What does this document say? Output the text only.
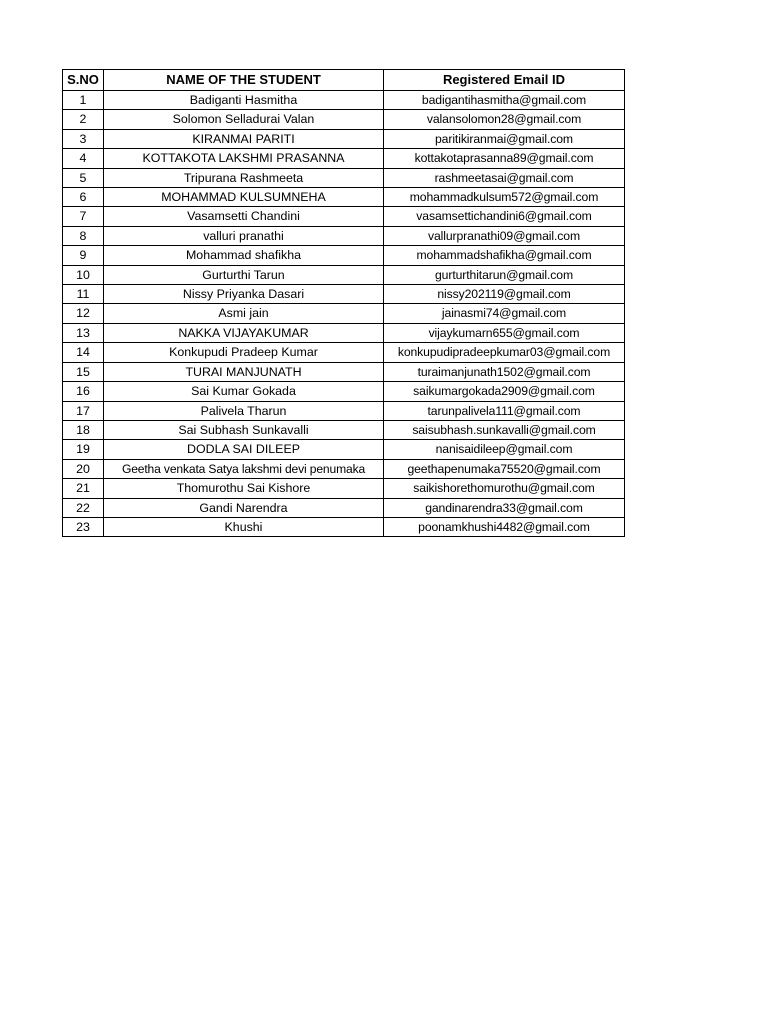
S.NO	NAME OF THE STUDENT	Registered Email ID
1	Badiganti Hasmitha	badigantihasmitha@gmail.com
2	Solomon Selladurai Valan	valansolomon28@gmail.com
3	KIRANMAI PARITI	paritikiranmai@gmail.com
4	KOTTAKOTA LAKSHMI PRASANNA	kottakotaprasanna89@gmail.com
5	Tripurana Rashmeeta	rashmeetasai@gmail.com
6	MOHAMMAD KULSUMNEHA	mohammadkulsum572@gmail.com
7	Vasamsetti Chandini	vasamsettichandini6@gmail.com
8	valluri pranathi	vallurpranathi09@gmail.com
9	Mohammad shafikha	mohammadshafikha@gmail.com
10	Gurturthi Tarun	gurturthitarun@gmail.com
11	Nissy Priyanka Dasari	nissy202119@gmail.com
12	Asmi jain	jainasmi74@gmail.com
13	NAKKA VIJAYAKUMAR	vijaykumarn655@gmail.com
14	Konkupudi Pradeep Kumar	konkupudipradeepkumar03@gmail.com
15	TURAI MANJUNATH	turaimanjunath1502@gmail.com
16	Sai Kumar Gokada	saikumargokada2909@gmail.com
17	Palivela Tharun	tarunpalivela111@gmail.com
18	Sai Subhash Sunkavalli	saisubhash.sunkavalli@gmail.com
19	DODLA SAI DILEEP	nanisaidileep@gmail.com
20	Geetha venkata Satya lakshmi devi penumaka	geethapenumaka75520@gmail.com
21	Thomurothu Sai Kishore	saikishorethomurothu@gmail.com
22	Gandi Narendra	gandinarendra33@gmail.com
23	Khushi	poonamkhushi4482@gmail.com
